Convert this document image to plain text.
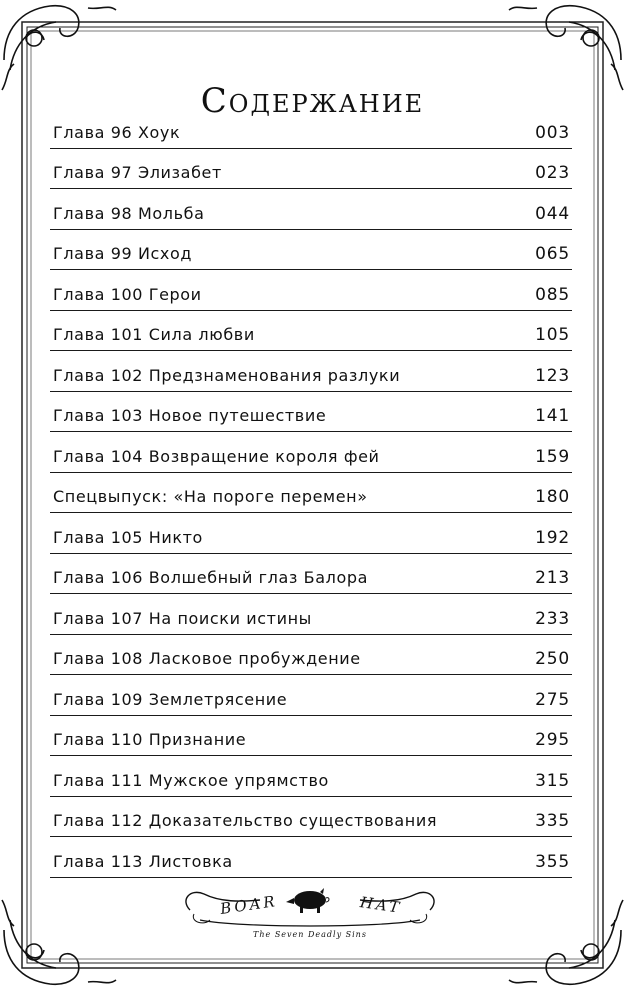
Содержание
Глава 96 Хоук	003
Глава 97 Элизабет	023
Глава 98 Мольба	044
Глава 99 Исход	065
Глава 100 Герои	085
Глава 101 Сила любви	105
Глава 102 Предзнаменования разлуки	123
Глава 103 Новое путешествие	141
Глава 104 Возвращение короля фей	159
Спецвыпуск: «На пороге перемен»	180
Глава 105 Никто	192
Глава 106 Волшебный глаз Балора	213
Глава 107 На поиски истины	233
Глава 108 Ласковое пробуждение	250
Глава 109 Землетрясение	275
Глава 110 Признание	295
Глава 111 Мужское упрямство	315
Глава 112 Доказательство существования	335
Глава 113 Листовка	355
BOAR	HAT
The Seven Deadly Sins
